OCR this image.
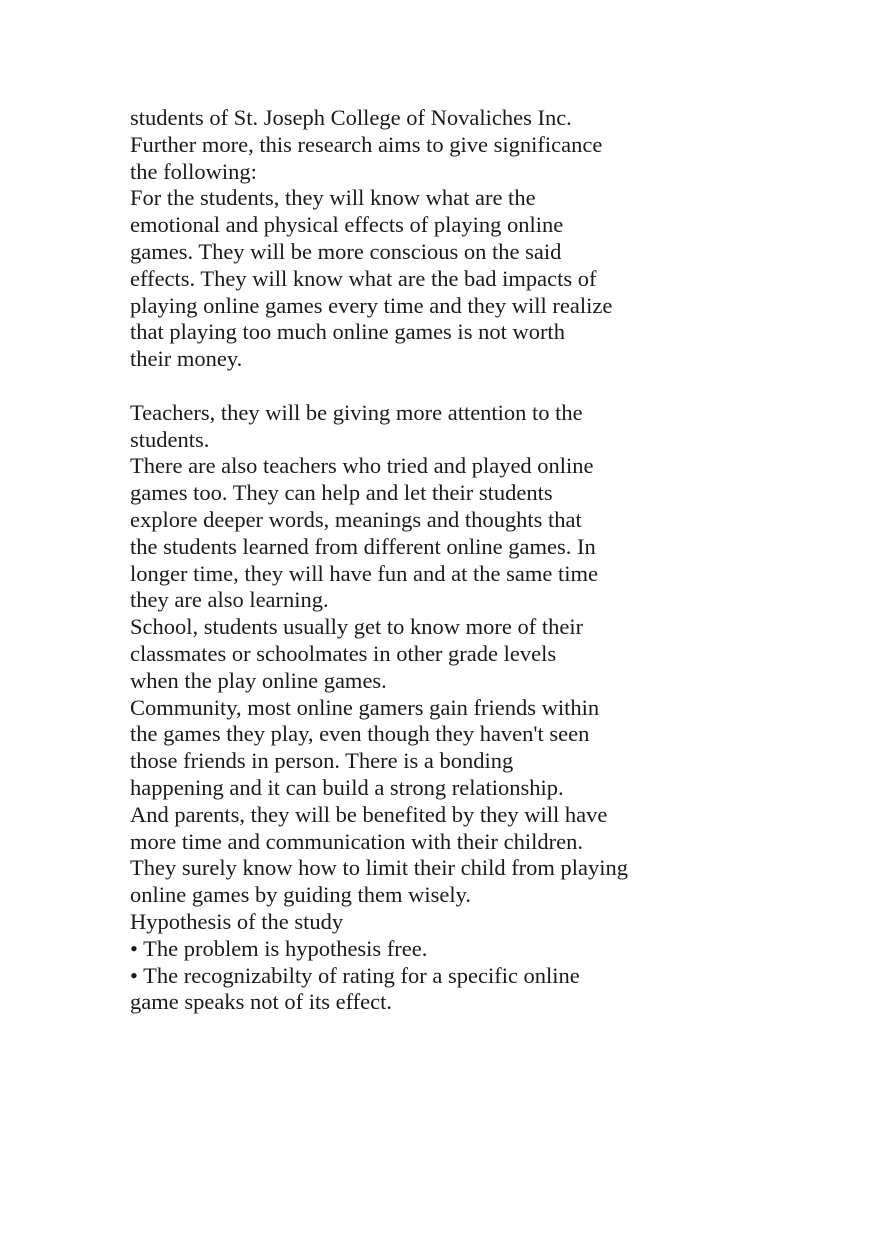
students of St. Joseph College of Novaliches Inc.
Further more, this research aims to give significance
the following:
For the students, they will know what are the
emotional and physical effects of playing online
games. They will be more conscious on the said
effects. They will know what are the bad impacts of
playing online games every time and they will realize
that playing too much online games is not worth
their money.
Teachers, they will be giving more attention to the
students.
There are also teachers who tried and played online
games too. They can help and let their students
explore deeper words, meanings and thoughts that
the students learned from different online games. In
longer time, they will have fun and at the same time
they are also learning.
School, students usually get to know more of their
classmates or schoolmates in other grade levels
when the play online games.
Community, most online gamers gain friends within
the games they play, even though they haven't seen
those friends in person. There is a bonding
happening and it can build a strong relationship.
And parents, they will be benefited by they will have
more time and communication with their children.
They surely know how to limit their child from playing
online games by guiding them wisely.
Hypothesis of the study
• The problem is hypothesis free.
• The recognizabilty of rating for a specific online
game speaks not of its effect.
